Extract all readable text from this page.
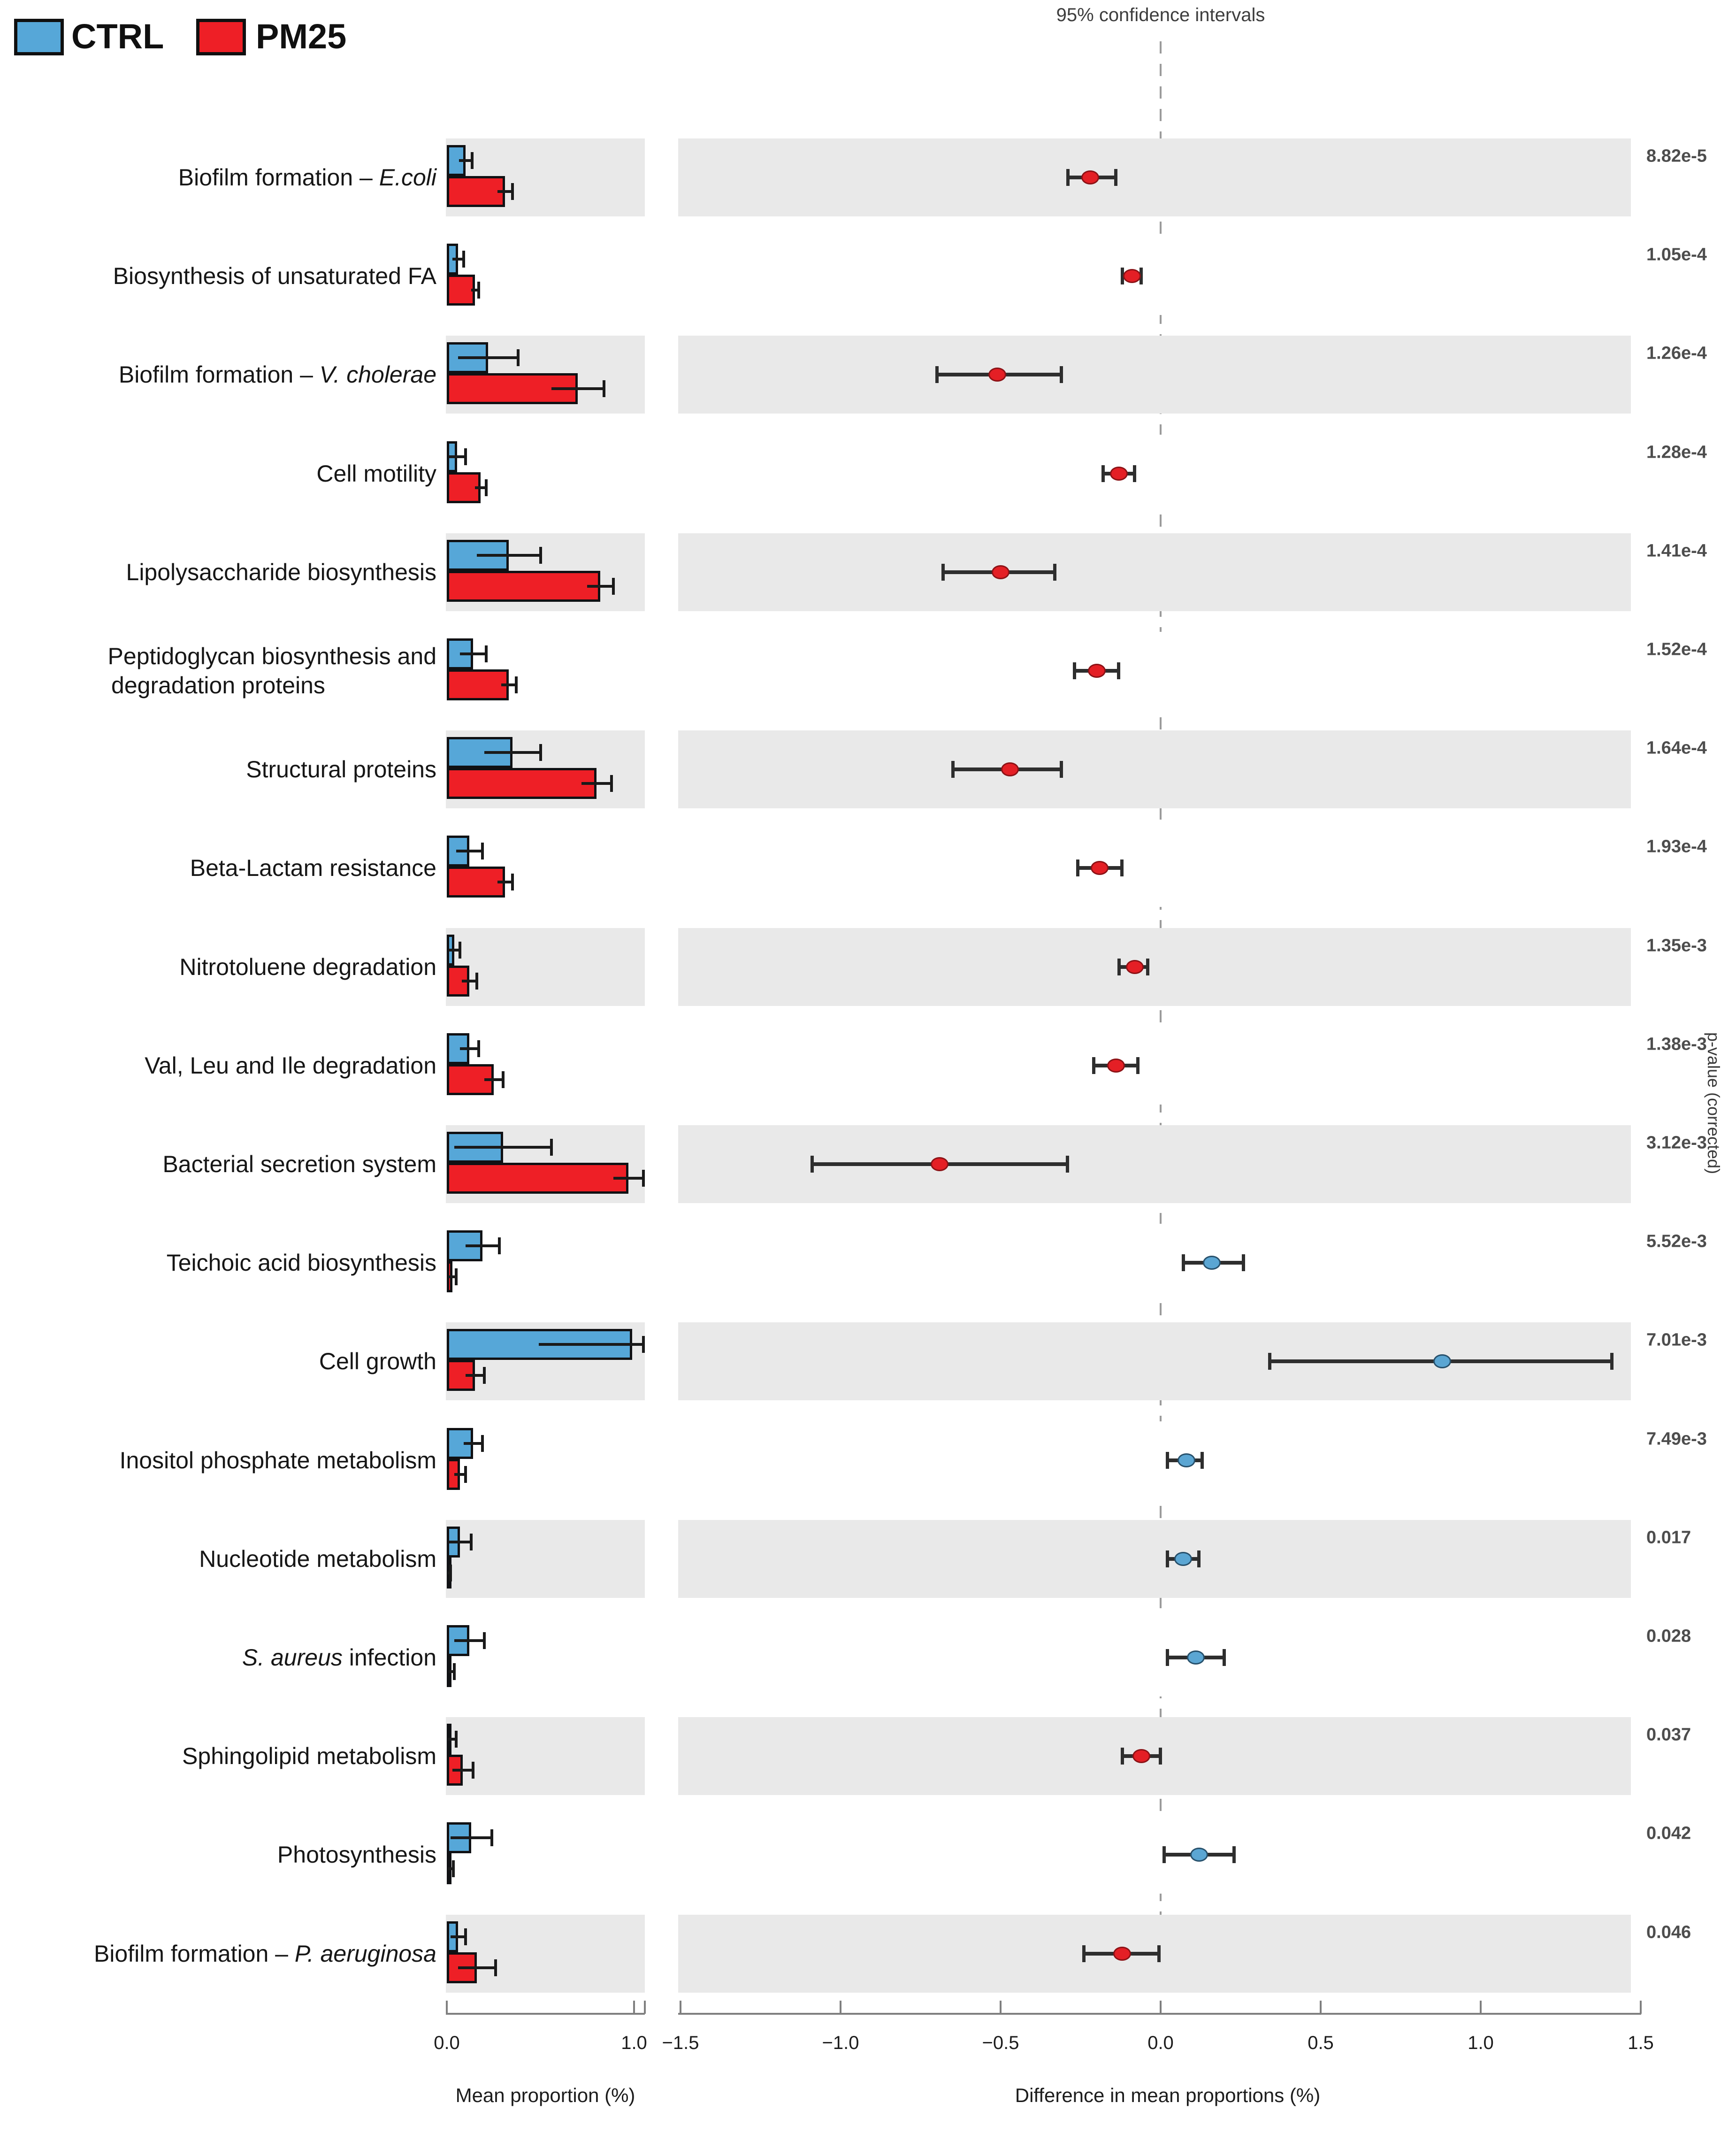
CTRL	PM25
95% confidence intervals
Biofilm formation – E.coli
8.82e-5
Biosynthesis of unsaturated FA
1.05e-4
Biofilm formation – V. cholerae
1.26e-4
Cell motility
1.28e-4
Lipolysaccharide biosynthesis
1.41e-4
Peptidoglycan biosynthesis and
degradation proteins
1.52e-4
Structural proteins
1.64e-4
Beta-Lactam resistance
1.93e-4
Nitrotoluene degradation
1.35e-3
Val, Leu and Ile degradation
1.38e-3
Bacterial secretion system
3.12e-3
Teichoic acid biosynthesis
5.52e-3
Cell growth
7.01e-3
Inositol phosphate metabolism
7.49e-3
Nucleotide metabolism
0.017
S. aureus infection
0.028
Sphingolipid metabolism
0.037
Photosynthesis
0.042
Biofilm formation – P. aeruginosa
0.046
Mean proportion (%)	Difference in mean proportions (%)
0.0	1.0 −1.5	−1.0	−0.5	0.0	0.5	1.0	1.5
p-value (corrected)
